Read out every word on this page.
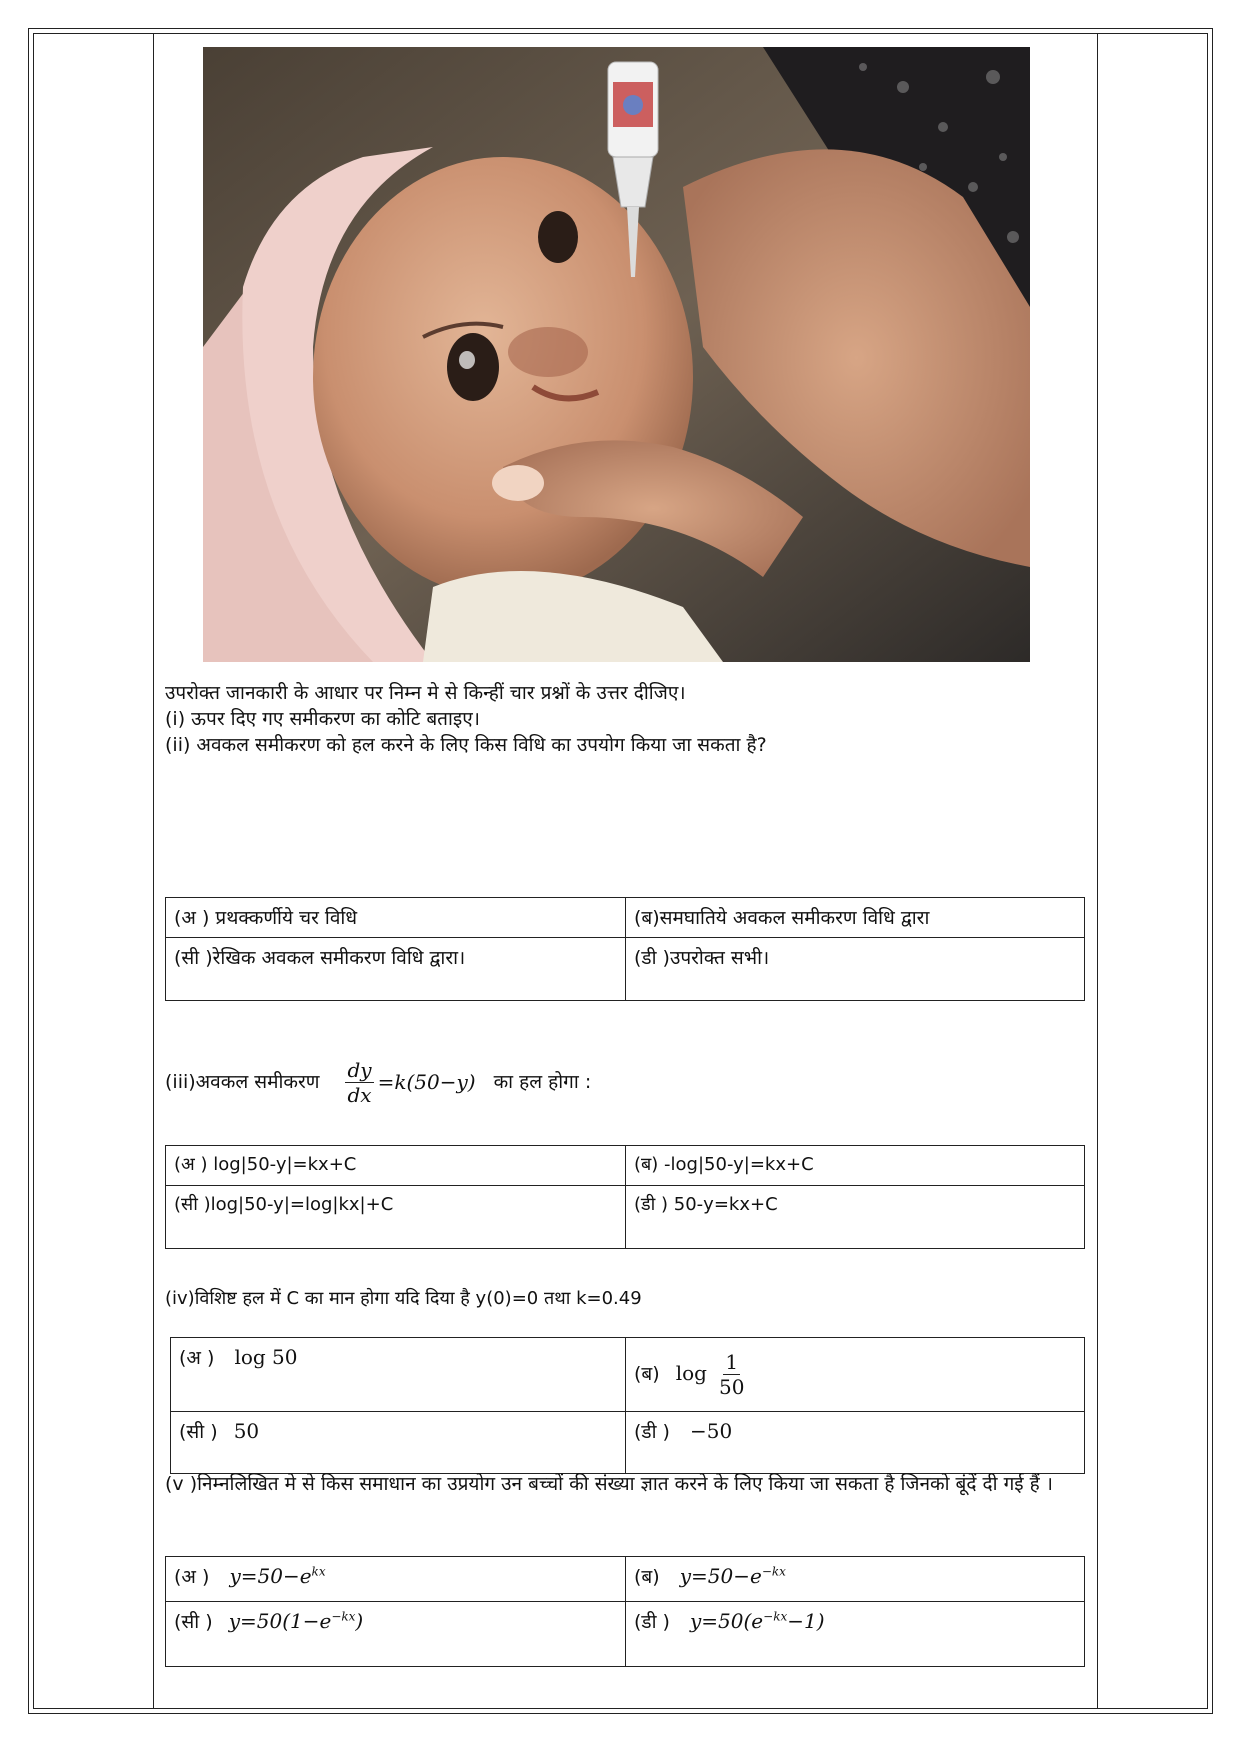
उपरोक्त जानकारी के आधार पर निम्न मे से किन्हीं चार प्रश्नों के उत्तर दीजिए।
(i) ऊपर दिए गए समीकरण का कोटि बताइए।
(ii) अवकल समीकरण को हल करने के लिए किस विधि का उपयोग किया जा सकता है?
(अ ) प्रथक्कर्णीये चर विधि	(ब)समघातिये अवकल समीकरण विधि द्वारा
(सी )रेखिक अवकल समीकरण विधि द्वारा।	(डी )उपरोक्त सभी।
(iii)अवकल समीकरण $\frac{dy}{dx} =k(50-y)$ का हल होगा :
(अ ) log|50-y|=kx+C	(ब) -log|50-y|=kx+C
(सी )log|50-y|=log|kx|+C	(डी ) 50-y=kx+C
(iv)विशिष्ट हल में C का मान होगा यदि दिया है y(0)=0 तथा k=0.49
(अ ) log 50	(ब) $\log \frac{1}{50}$

(सी ) 50	(डी ) −50
(v )निम्नलिखित मे से किस समाधान का उप्रयोग उन बच्चों की संख्या ज्ञात करने के लिए किया जा सकता है जिनको बूंदें दी गई हैं ।
(अ ) $y=50-e^{kx}$	(ब) $y=50-e^{-kx}$
(सी ) $y=50(1-e^{-kx})$	(डी ) $y=50(e^{-kx}-1)$
